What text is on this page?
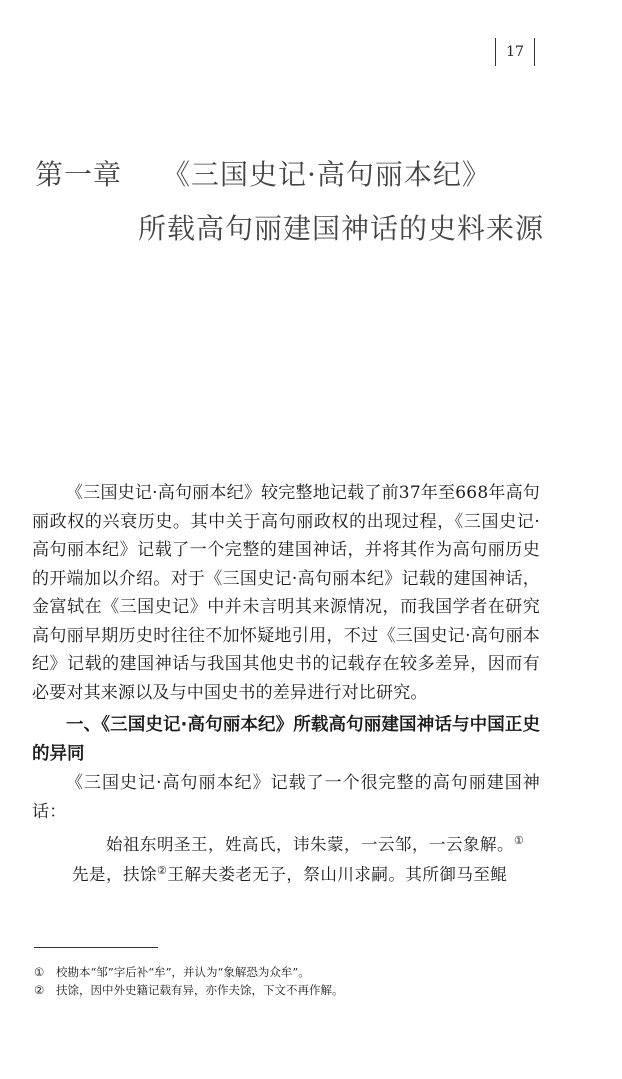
17
第一章 《三国史记·高句丽本纪》
所载高句丽建国神话的史料来源

《三国史记·高句丽本纪》较完整地记载了前37年至668年高句丽政权的兴衰历史。其中关于高句丽政权的出现过程，《三国史记·高句丽本纪》记载了一个完整的建国神话，并将其作为高句丽历史的开端加以介绍。对于《三国史记·高句丽本纪》记载的建国神话，金富轼在《三国史记》中并未言明其来源情况，而我国学者在研究高句丽早期历史时往往不加怀疑地引用，不过《三国史记·高句丽本纪》记载的建国神话与我国其他史书的记载存在较多差异，因而有必要对其来源以及与中国史书的差异进行对比研究。

一、《三国史记·高句丽本纪》所载高句丽建国神话与中国正史的异同

《三国史记·高句丽本纪》记载了一个很完整的高句丽建国神话：

始祖东明圣王，姓高氏，讳朱蒙，一云邹，一云象解。①

先是，扶馀②王解夫娄老无子，祭山川求嗣。其所御马至鲲

① 校勘本“邹”字后补“牟”，并认为“象解恐为众牟”。

② 扶馀，因中外史籍记载有异，亦作夫馀，下文不再作解。
